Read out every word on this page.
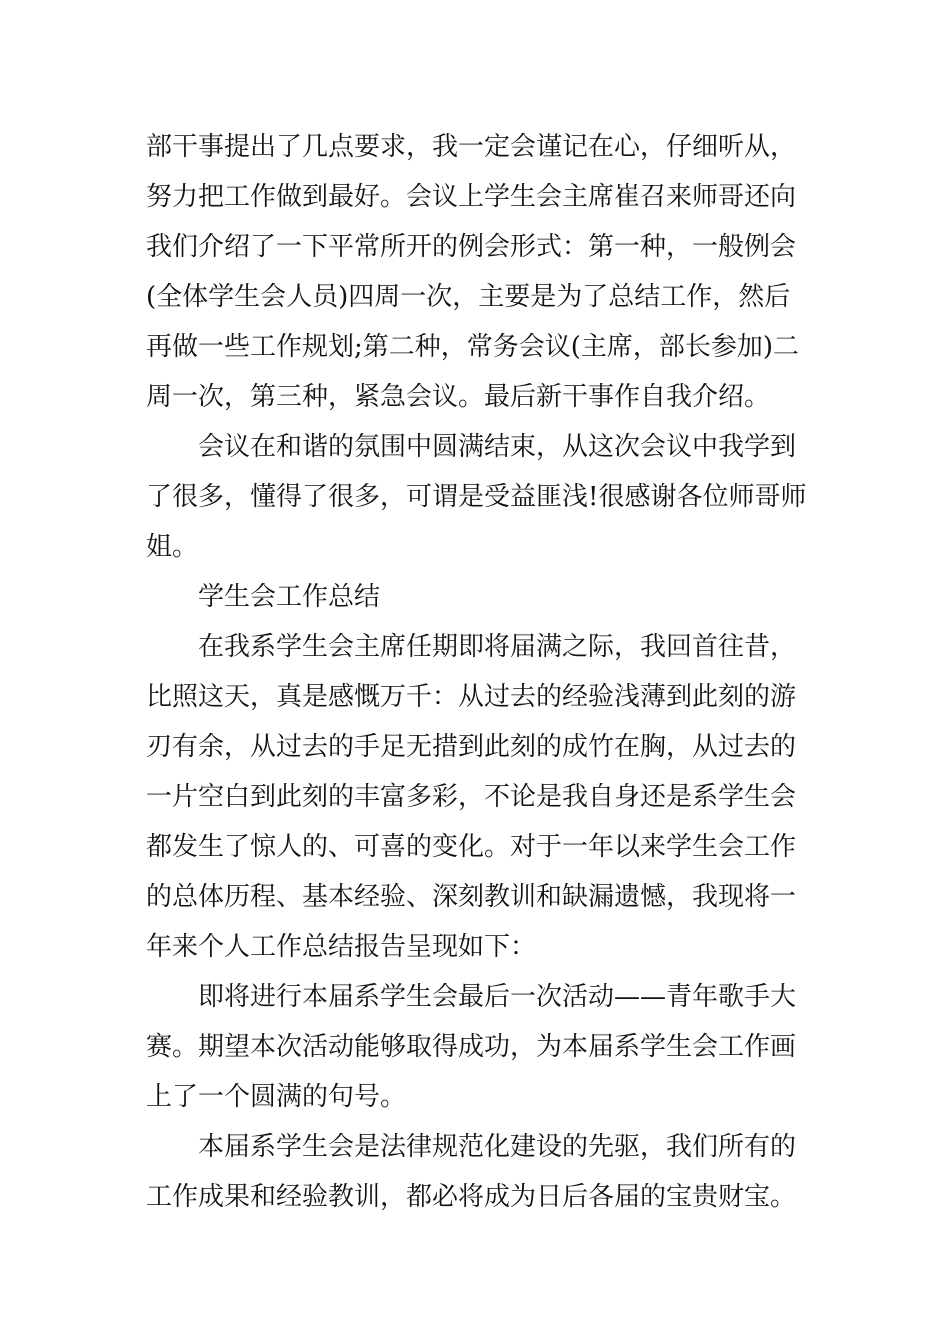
部干事提出了几点要求，我一定会谨记在心，仔细听从，
努力把工作做到最好。会议上学生会主席崔召来师哥还向
我们介绍了一下平常所开的例会形式：第一种，一般例会
(全体学生会人员)四周一次，主要是为了总结工作，然后
再做一些工作规划;第二种，常务会议(主席，部长参加)二
周一次，第三种，紧急会议。最后新干事作自我介绍。
会议在和谐的氛围中圆满结束，从这次会议中我学到
了很多，懂得了很多，可谓是受益匪浅!很感谢各位师哥师
姐。
学生会工作总结
在我系学生会主席任期即将届满之际，我回首往昔，
比照这天，真是感慨万千：从过去的经验浅薄到此刻的游
刃有余，从过去的手足无措到此刻的成竹在胸，从过去的
一片空白到此刻的丰富多彩，不论是我自身还是系学生会
都发生了惊人的、可喜的变化。对于一年以来学生会工作
的总体历程、基本经验、深刻教训和缺漏遗憾，我现将一
年来个人工作总结报告呈现如下：
即将进行本届系学生会最后一次活动——青年歌手大
赛。期望本次活动能够取得成功，为本届系学生会工作画
上了一个圆满的句号。
本届系学生会是法律规范化建设的先驱，我们所有的
工作成果和经验教训，都必将成为日后各届的宝贵财宝。
